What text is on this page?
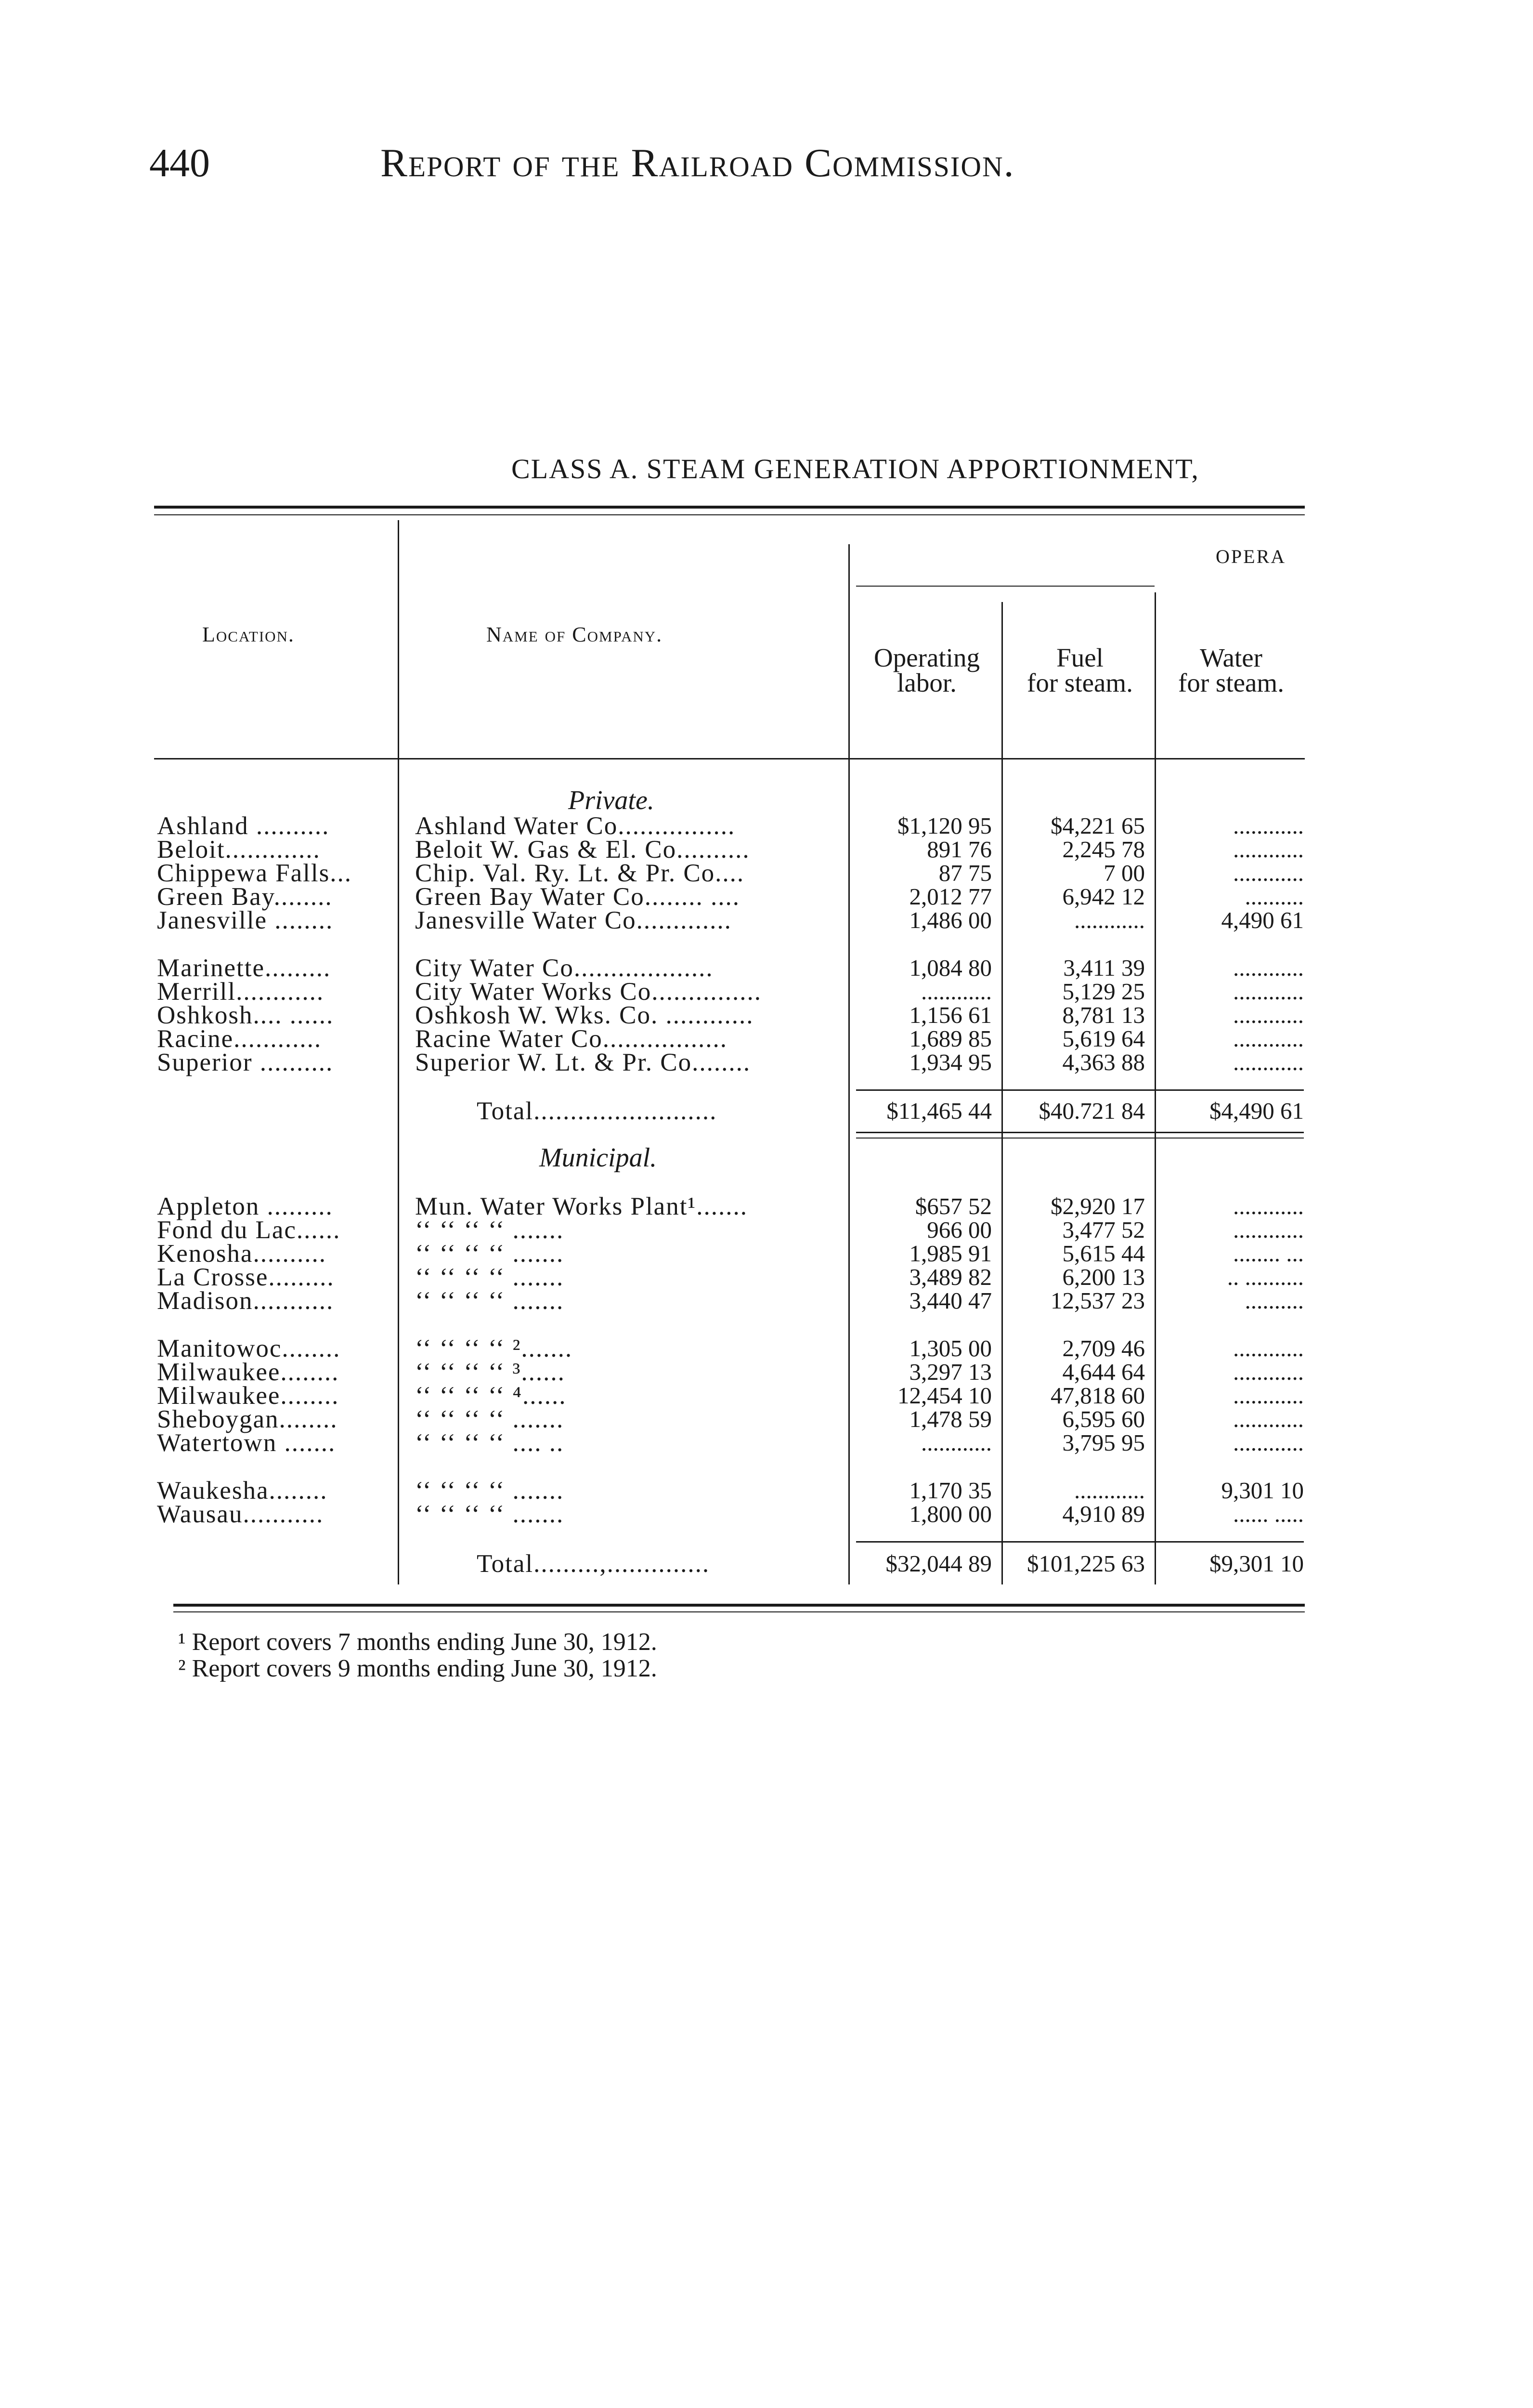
440	Report of the Railroad Commission.
CLASS A. STEAM GENERATION APPORTIONMENT,
OPERA
Location.	Name of Company.
Operating
labor.
Fuel
for steam.
Water
for steam.
Private.
Ashland ..........	Ashland Water Co................	$1,120 95	$4,221 65	............
Beloit.............	Beloit W. Gas & El. Co..........	891 76	2,245 78	............
Chippewa Falls... Chip. Val. Ry. Lt. & Pr. Co....	87 75	7 00	............
Green Bay........	Green Bay Water Co........ ....	2,012 77	6,942 12	..........
Janesville ........	Janesville Water Co.............	1,486 00	............	4,490 61
Marinette.........	City Water Co...................	1,084 80	3,411 39	............
Merrill............	City Water Works Co...............	............	5,129 25	............
Oshkosh.... ......	Oshkosh W. Wks. Co. ............	1,156 61	8,781 13	............
Racine............	Racine Water Co.................	1,689 85	5,619 64	............
Superior ..........	Superior W. Lt. & Pr. Co........	1,934 95	4,363 88	............
Total.........................	$11,465 44	$40.721 84	$4,490 61
Municipal.
Appleton .........	Mun. Water Works Plant¹.......	$657 52	$2,920 17	............
Fond du Lac......	‘‘ ‘‘ ‘‘ ‘‘ .......	966 00	3,477 52	............
Kenosha..........	‘‘ ‘‘ ‘‘ ‘‘ .......	1,985 91	5,615 44	........ ...
La Crosse.........	‘‘ ‘‘ ‘‘ ‘‘ .......	3,489 82	6,200 13	.. ..........
Madison...........	‘‘ ‘‘ ‘‘ ‘‘ .......	3,440 47	12,537 23	..........
Manitowoc........	‘‘ ‘‘ ‘‘ ‘‘ ².......	1,305 00	2,709 46	............
Milwaukee........	‘‘ ‘‘ ‘‘ ‘‘ ³......	3,297 13	4,644 64	............
Milwaukee........	‘‘ ‘‘ ‘‘ ‘‘ ⁴......	12,454 10	47,818 60	............
Sheboygan........	‘‘ ‘‘ ‘‘ ‘‘ .......	1,478 59	6,595 60	............
Watertown .......	‘‘ ‘‘ ‘‘ ‘‘ .... ..	............	3,795 95	............
Waukesha........	‘‘ ‘‘ ‘‘ ‘‘ .......	1,170 35	............	9,301 10
Wausau...........	‘‘ ‘‘ ‘‘ ‘‘ .......	1,800 00	4,910 89	...... .....
Total.........,..............	$32,044 89	$101,225 63	$9,301 10
¹ Report covers 7 months ending June 30, 1912.
² Report covers 9 months ending June 30, 1912.
